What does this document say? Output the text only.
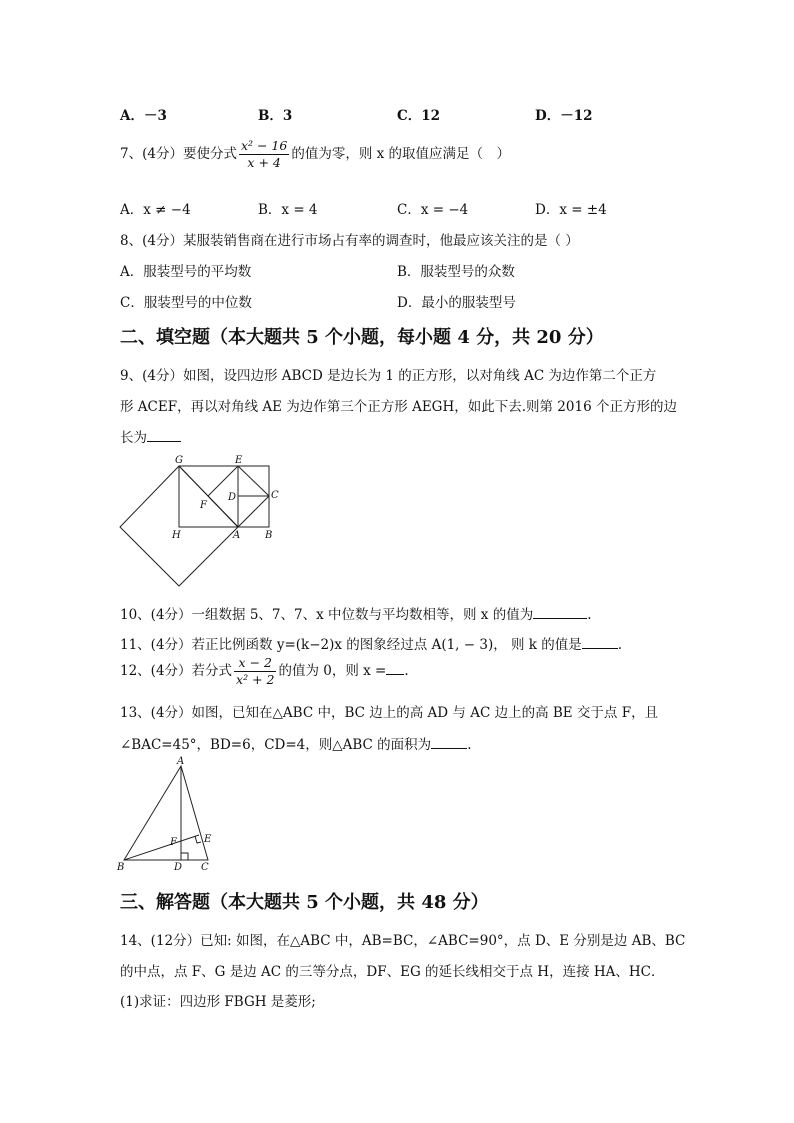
A．－3	B．3	C．12	D．－12
7、(4分）要使分式 $\frac{\text{x² − 16}}{x + 4}$ 的值为零，则 x 的取值应满足（　）
A．x ≠ −4	B．x = 4	C．x = −4	D．x = ±4
8、(4分）某服装销售商在进行市场占有率的调查时，他最应该关注的是（ ）
A．服装型号的平均数	B．服装型号的众数
C．服装型号的中位数	D．最小的服装型号
二、填空题（本大题共 5 个小题，每小题 4 分，共 20 分）
9、(4分）如图，设四边形 ABCD 是边长为 1 的正方形，以对角线 AC 为边作第二个正方
形 ACEF，再以对角线 AE 为边作第三个正方形 AEGH，如此下去.则第 2016 个正方形的边
长为
G	E
D	C
F
H	A B
10、(4分）一组数据 5、7、7、x 中位数与平均数相等，则 x 的值为	.
11、(4分）若正比例函数 y=(k−2)x 的图象经过点 A(1, − 3)， 则 k 的值是	.
12、(4分）若分式 $\frac{x - 2}{\text{x² + 2}}$ 的值为 0，则 x = .
13、(4分）如图，已知在△ABC 中，BC 边上的高 AD 与 AC 边上的高 BE 交于点 F，且
∠BAC=45°，BD=6，CD=4，则△ABC 的面积为	.
A
B	C
D
E
F
三、解答题（本大题共 5 个小题，共 48 分）
14、(12分）已知: 如图，在△ABC 中，AB=BC，∠ABC=90°，点 D、E 分别是边 AB、BC
的中点，点 F、G 是边 AC 的三等分点，DF、EG 的延长线相交于点 H，连接 HA、HC．
(1)求证：四边形 FBGH 是菱形;
